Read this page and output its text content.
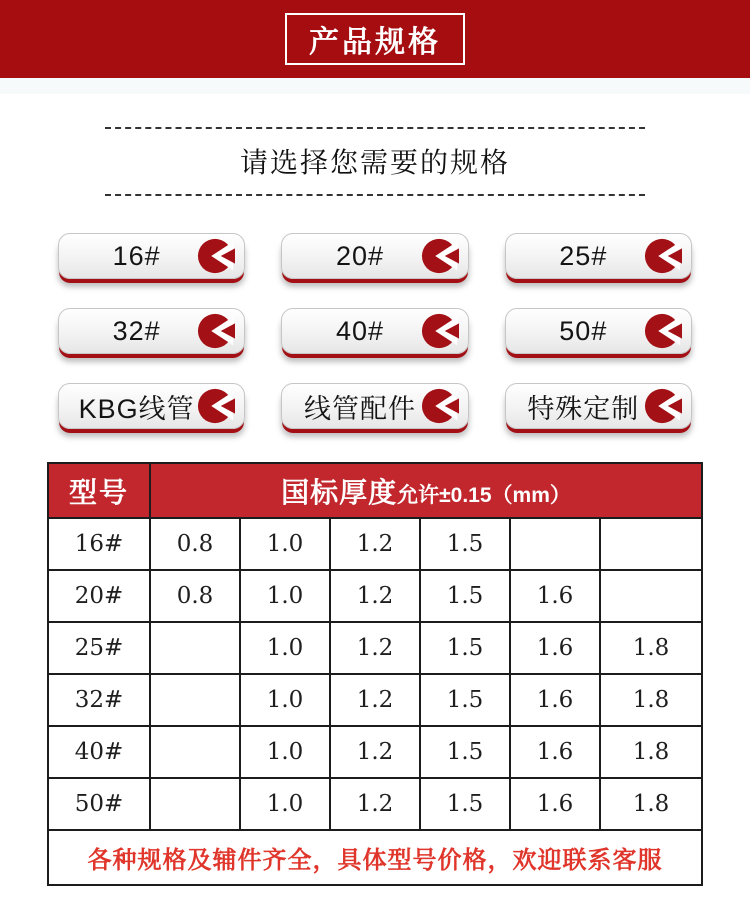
产品规格
请选择您需要的规格
16#	20#	25#
32#	40#	50#
KBG线管	线管配件	特殊定制
型号	国标厚度允许±0.15（mm）					
16#	0.8	1.0	1.2	1.5		
20#	0.8	1.0	1.2	1.5	1.6	
25#		1.0	1.2	1.5	1.6	1.8
32#		1.0	1.2	1.5	1.6	1.8
40#		1.0	1.2	1.5	1.6	1.8
50#		1.0	1.2	1.5	1.6	1.8
各种规格及辅件齐全，具体型号价格，欢迎联系客服						
